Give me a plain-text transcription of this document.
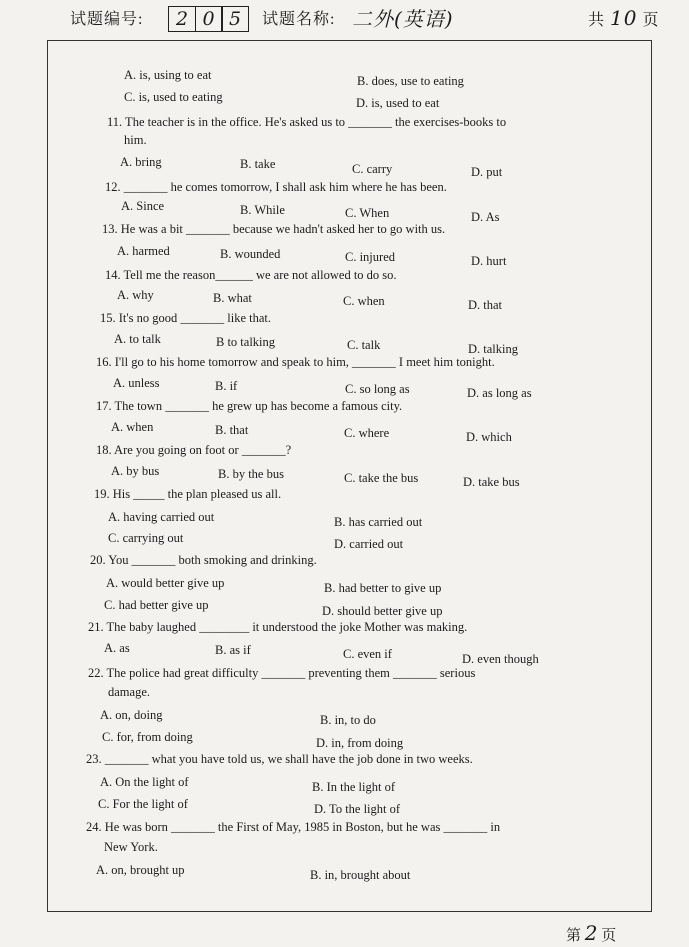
试题编号:	2 0 5	试题名称: 二外(英语)	共 10 页
A. is, using to eat	B. does, use to eating
C. is, used to eating	D. is, used to eat
11. The teacher is in the office. He's asked us to _______ the exercises-books to
him.
A. bring	B. take	C. carry	D. put
12. _______ he comes tomorrow, I shall ask him where he has been.
A. Since	B. While	C. When	D. As
13. He was a bit _______ because we hadn't asked her to go with us.
A. harmed	B. wounded	C. injured	D. hurt
14. Tell me the reason______ we are not allowed to do so.
A. why	B. what	C. when	D. that
15. It's no good _______ like that.
A. to talk	B to talking	C. talk	D. talking
16. I'll go to his home tomorrow and speak to him, _______ I meet him tonight.
A. unless	B. if	C. so long as	D. as long as
17. The town _______ he grew up has become a famous city.
A. when	B. that	C. where	D. which
18. Are you going on foot or _______?
A. by bus	B. by the bus	C. take the bus	D. take bus
19. His _____ the plan pleased us all.
A. having carried out	B. has carried out
C. carrying out	D. carried out
20. You _______ both smoking and drinking.
A. would better give up	B. had better to give up
C. had better give up	D. should better give up
21. The baby laughed ________ it understood the joke Mother was making.
A. as	B. as if	C. even if	D. even though
22. The police had great difficulty _______ preventing them _______ serious
damage.
A. on, doing	B. in, to do
C. for, from doing	D. in, from doing
23. _______ what you have told us, we shall have the job done in two weeks.
A. On the light of	B. In the light of
C. For the light of	D. To the light of
24. He was born _______ the First of May, 1985 in Boston, but he was _______ in
New York.
A. on, brought up	B. in, brought about
第 2 页
